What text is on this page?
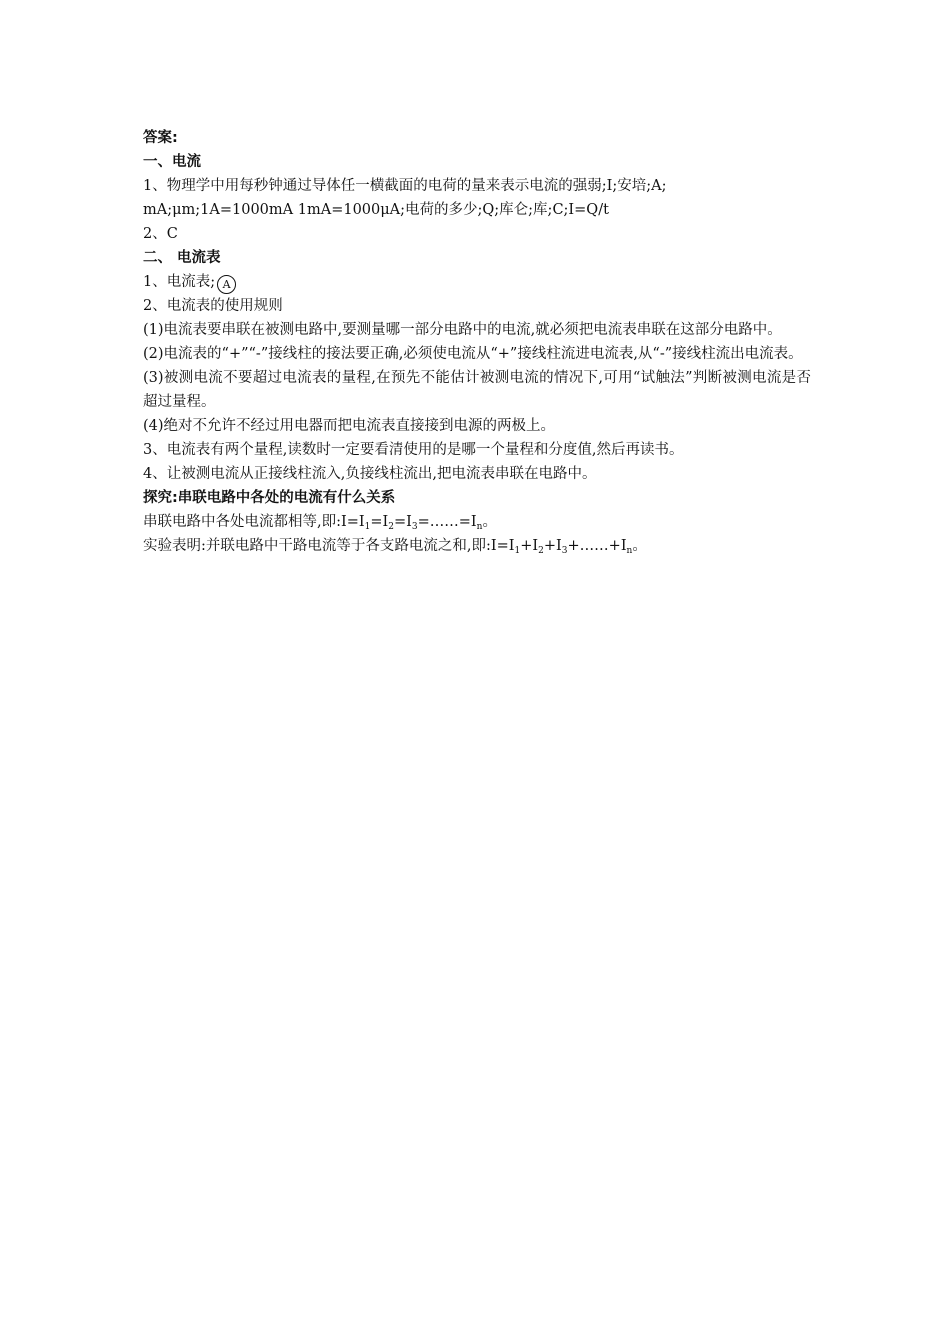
答案:

一、电流

1、物理学中用每秒钟通过导体任一横截面的电荷的量来表示电流的强弱;I;安培;A;

mA;μm;1A=1000mA 1mA=1000μA;电荷的多少;Q;库仑;库;C;I=Q/t

2、C

二、 电流表

1、电流表; A

2、电流表的使用规则

(1)电流表要串联在被测电路中,要测量哪一部分电路中的电流,就必须把电流表串联在这部分电路中。

(2)电流表的“+”“-”接线柱的接法要正确,必须使电流从“+”接线柱流进电流表,从“-”接线柱流出电流表。

(3)被测电流不要超过电流表的量程,在预先不能估计被测电流的情况下,可用“试触法”判断被测电流是否超过量程。

(4)绝对不允许不经过用电器而把电流表直接接到电源的两极上。

3、电流表有两个量程,读数时一定要看清使用的是哪一个量程和分度值,然后再读书。

4、让被测电流从正接线柱流入,负接线柱流出,把电流表串联在电路中。

探究:串联电路中各处的电流有什么关系

串联电路中各处电流都相等,即$:I=I_1=I_2=I_3=\dots\dots=I_n$。

实验表明:并联电路中干路电流等于各支路电流之和,即$:I=I_1+I_2+I_3+\dots\dots+I_n$。
